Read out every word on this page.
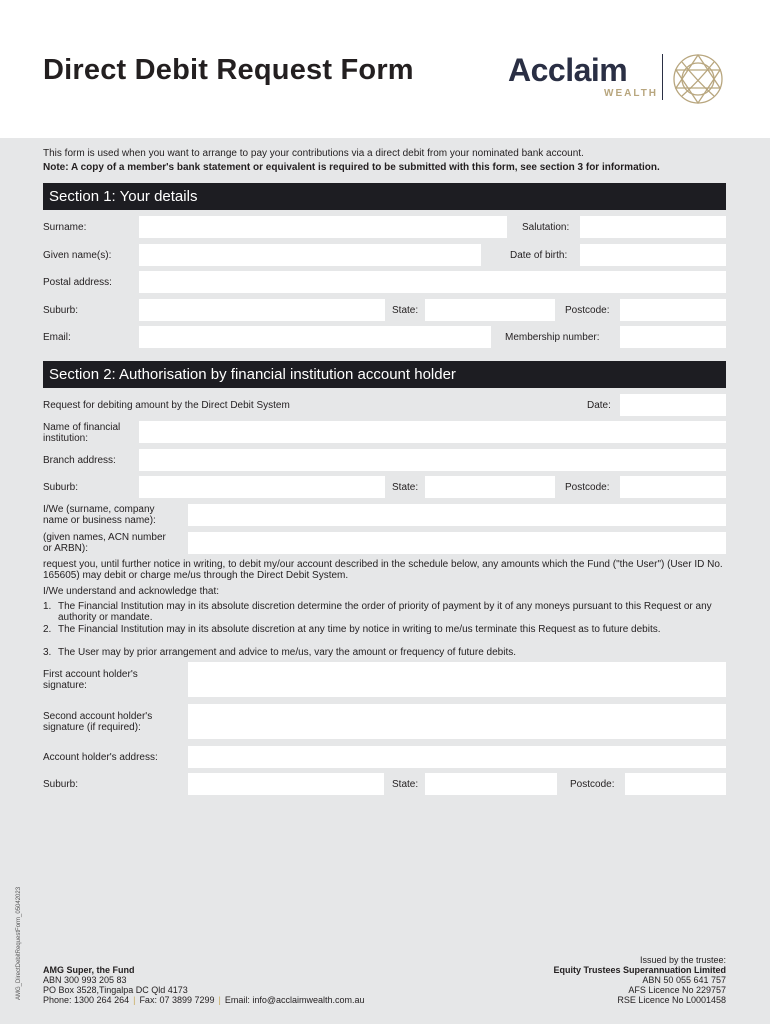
Direct Debit Request Form	Acclaim
WEALTH
This form is used when you want to arrange to pay your contributions via a direct debit from your nominated bank account.
Note: A copy of a member's bank statement or equivalent is required to be submitted with this form, see section 3 for information.
Section 1: Your details
Surname:	Salutation:
Given name(s):	Date of birth:
Postal address:
Suburb:	State:	Postcode:
Email:	Membership number:
Section 2: Authorisation by financial institution account holder
Request for debiting amount by the Direct Debit System	Date:
Name of financial
institution:
Branch address:
Suburb:	State:	Postcode:
I/We (surname, company
name or business name):
(given names, ACN number
or ARBN):
request you, until further notice in writing, to debit my/our account described in the schedule below, any amounts which the Fund ("the User") (User ID No. 165605) may debit or charge me/us through the Direct Debit System.
I/We understand and acknowledge that:
1. The Financial Institution may in its absolute discretion determine the order of priority of payment by it of any moneys pursuant to this Request or any authority or mandate.
2. The Financial Institution may in its absolute discretion at any time by notice in writing to me/us terminate this Request as to future debits.
3. The User may by prior arrangement and advice to me/us, vary the amount or frequency of future debits.
First account holder's
signature:
Second account holder's
signature (if required):
Account holder's address:
Suburb:	State:	Postcode:
AMG_DirectDebitRequestForm_05042023 AMG Super, the Fund
ABN 300 993 205 83
PO Box 3528,Tingalpa DC Qld 4173
Phone: 1300 264 264 | Fax: 07 3899 7299 | Email: info@acclaimwealth.com.au
Issued by the trustee:
Equity Trustees Superannuation Limited
ABN 50 055 641 757
AFS Licence No 229757
RSE Licence No L0001458
